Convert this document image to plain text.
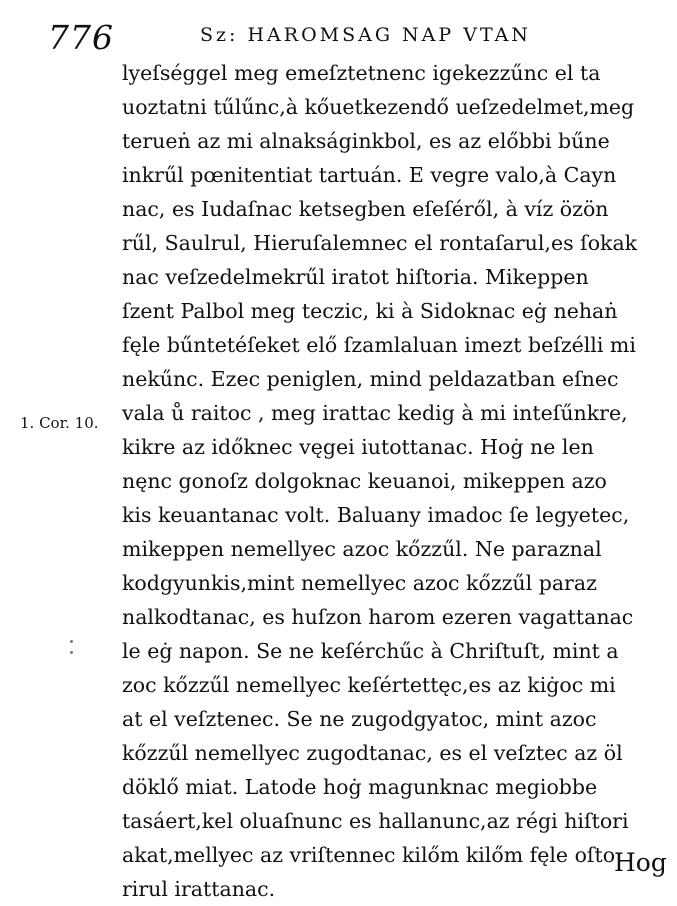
776	Sz: HAROMSAG NAP VTAN
1. Cor. 10.
lyeſséggel meg emeſztetnenc igekezzűnc el ta
uoztatni tűlűnc,à kőuetkezendő ueſzedelmet,meg
terueṅ az mi alnakságinkbol, es az előbbi bűne
inkrűl pœnitentiat tartuán. E vegre valo,à Cayn
nac, es Iudaſnac ketsegben eſeſéről, à víz özön
rűl, Saulrul, Hieruſalemnec el rontaſarul,es ſokak
nac veſzedelmekrűl iratot hiſtoria. Mikeppen
ſzent Palbol meg teczic, ki à Sidoknac eġ nehaṅ
fęle bűntetéſeket elő ſzamlaluan imezt beſzélli mi
nekűnc. Ezec peniglen, mind peldazatban eſnec
vala ů raitoc , meg irattac kedig à mi inteſűnkre,
kikre az időknec vęgei iutottanac. Hoġ ne len
nęnc gonoſz dolgoknac keuanoi, mikeppen azo
kis keuantanac volt. Baluany imadoc ſe legyetec,
mikeppen nemellyec azoc kőzzűl. Ne paraznal
kodgyunkis,mint nemellyec azoc kőzzűl paraz
nalkodtanac, es huſzon harom ezeren vagattanac
le eġ napon. Se ne keſérchűc à Chriſtuſt, mint a
zoc kőzzűl nemellyec keſértettęc,es az kiġoc mi
at el veſztenec. Se ne zugodgyatoc, mint azoc
kőzzűl nemellyec zugodtanac, es el veſztec az öl
döklő miat. Latode hoġ magunknac megiobbe
tasáert,kel oluaſnunc es hallanunc,az régi hiſtori
akat,mellyec az vriſtennec kilőm kilőm fęle oſto
rirul irattanac.
Hog
